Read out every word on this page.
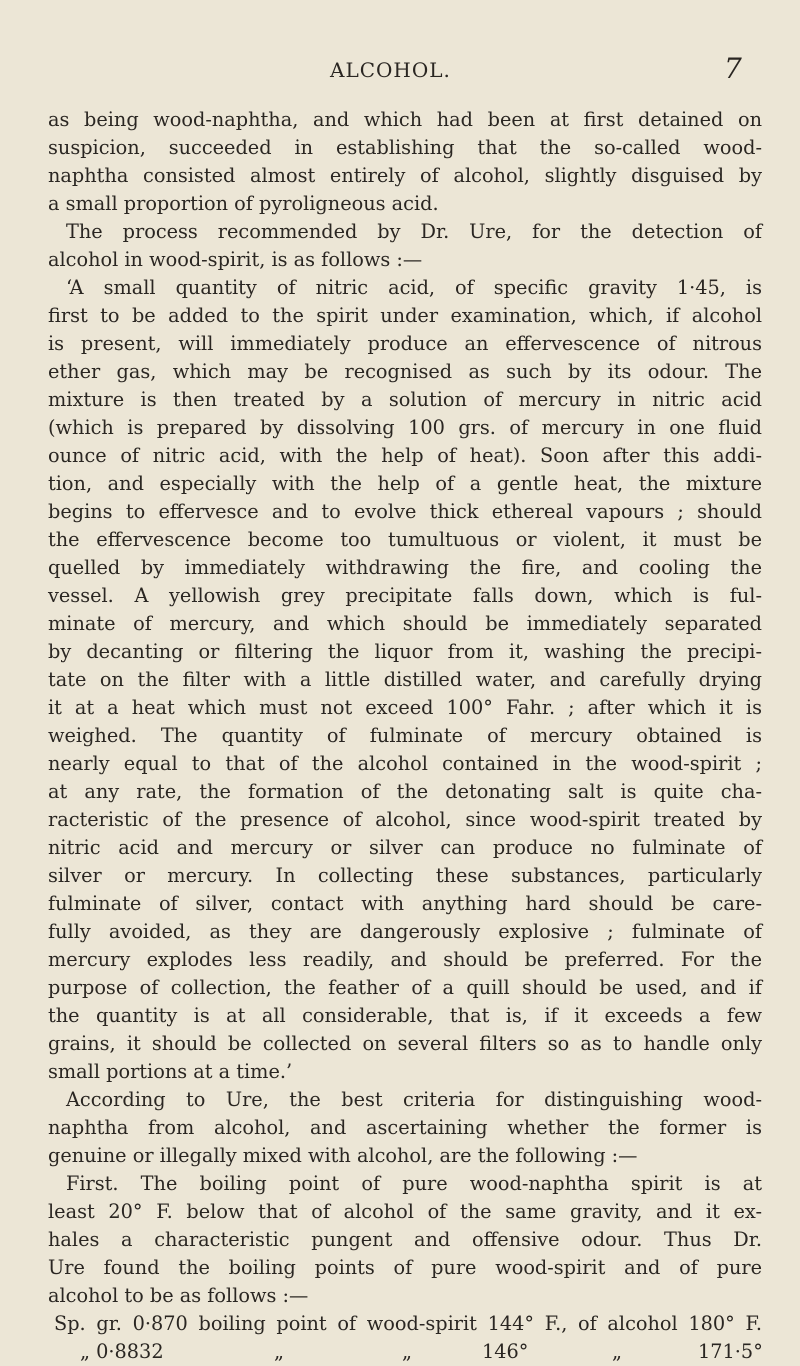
ALCOHOL.	7
as being wood-naphtha, and which had been at first detained on
suspicion, succeeded in establishing that the so-called wood-
naphtha consisted almost entirely of alcohol, slightly disguised by
a small proportion of pyroligneous acid.
The process recommended by Dr. Ure, for the detection of
alcohol in wood-spirit, is as follows :—
‘A small quantity of nitric acid, of specific gravity 1·45, is
first to be added to the spirit under examination, which, if alcohol
is present, will immediately produce an effervescence of nitrous
ether gas, which may be recognised as such by its odour. The
mixture is then treated by a solution of mercury in nitric acid
(which is prepared by dissolving 100 grs. of mercury in one fluid
ounce of nitric acid, with the help of heat). Soon after this addi-
tion, and especially with the help of a gentle heat, the mixture
begins to effervesce and to evolve thick ethereal vapours ; should
the effervescence become too tumultuous or violent, it must be
quelled by immediately withdrawing the fire, and cooling the
vessel. A yellowish grey precipitate falls down, which is ful-
minate of mercury, and which should be immediately separated
by decanting or filtering the liquor from it, washing the precipi-
tate on the filter with a little distilled water, and carefully drying
it at a heat which must not exceed 100° Fahr. ; after which it is
weighed. The quantity of fulminate of mercury obtained is
nearly equal to that of the alcohol contained in the wood-spirit ;
at any rate, the formation of the detonating salt is quite cha-
racteristic of the presence of alcohol, since wood-spirit treated by
nitric acid and mercury or silver can produce no fulminate of
silver or mercury. In collecting these substances, particularly
fulminate of silver, contact with anything hard should be care-
fully avoided, as they are dangerously explosive ; fulminate of
mercury explodes less readily, and should be preferred. For the
purpose of collection, the feather of a quill should be used, and if
the quantity is at all considerable, that is, if it exceeds a few
grains, it should be collected on several filters so as to handle only
small portions at a time.’
According to Ure, the best criteria for distinguishing wood-
naphtha from alcohol, and ascertaining whether the former is
genuine or illegally mixed with alcohol, are the following :—
First. The boiling point of pure wood-naphtha spirit is at
least 20° F. below that of alcohol of the same gravity, and it ex-
hales a characteristic pungent and offensive odour. Thus Dr.
Ure found the boiling points of pure wood-spirit and of pure
alcohol to be as follows :—
Sp. gr. 0·870 boiling point of wood-spirit 144° F., of alcohol 180° F.
„ 0·8832	„	„	146°	„	171·5°
